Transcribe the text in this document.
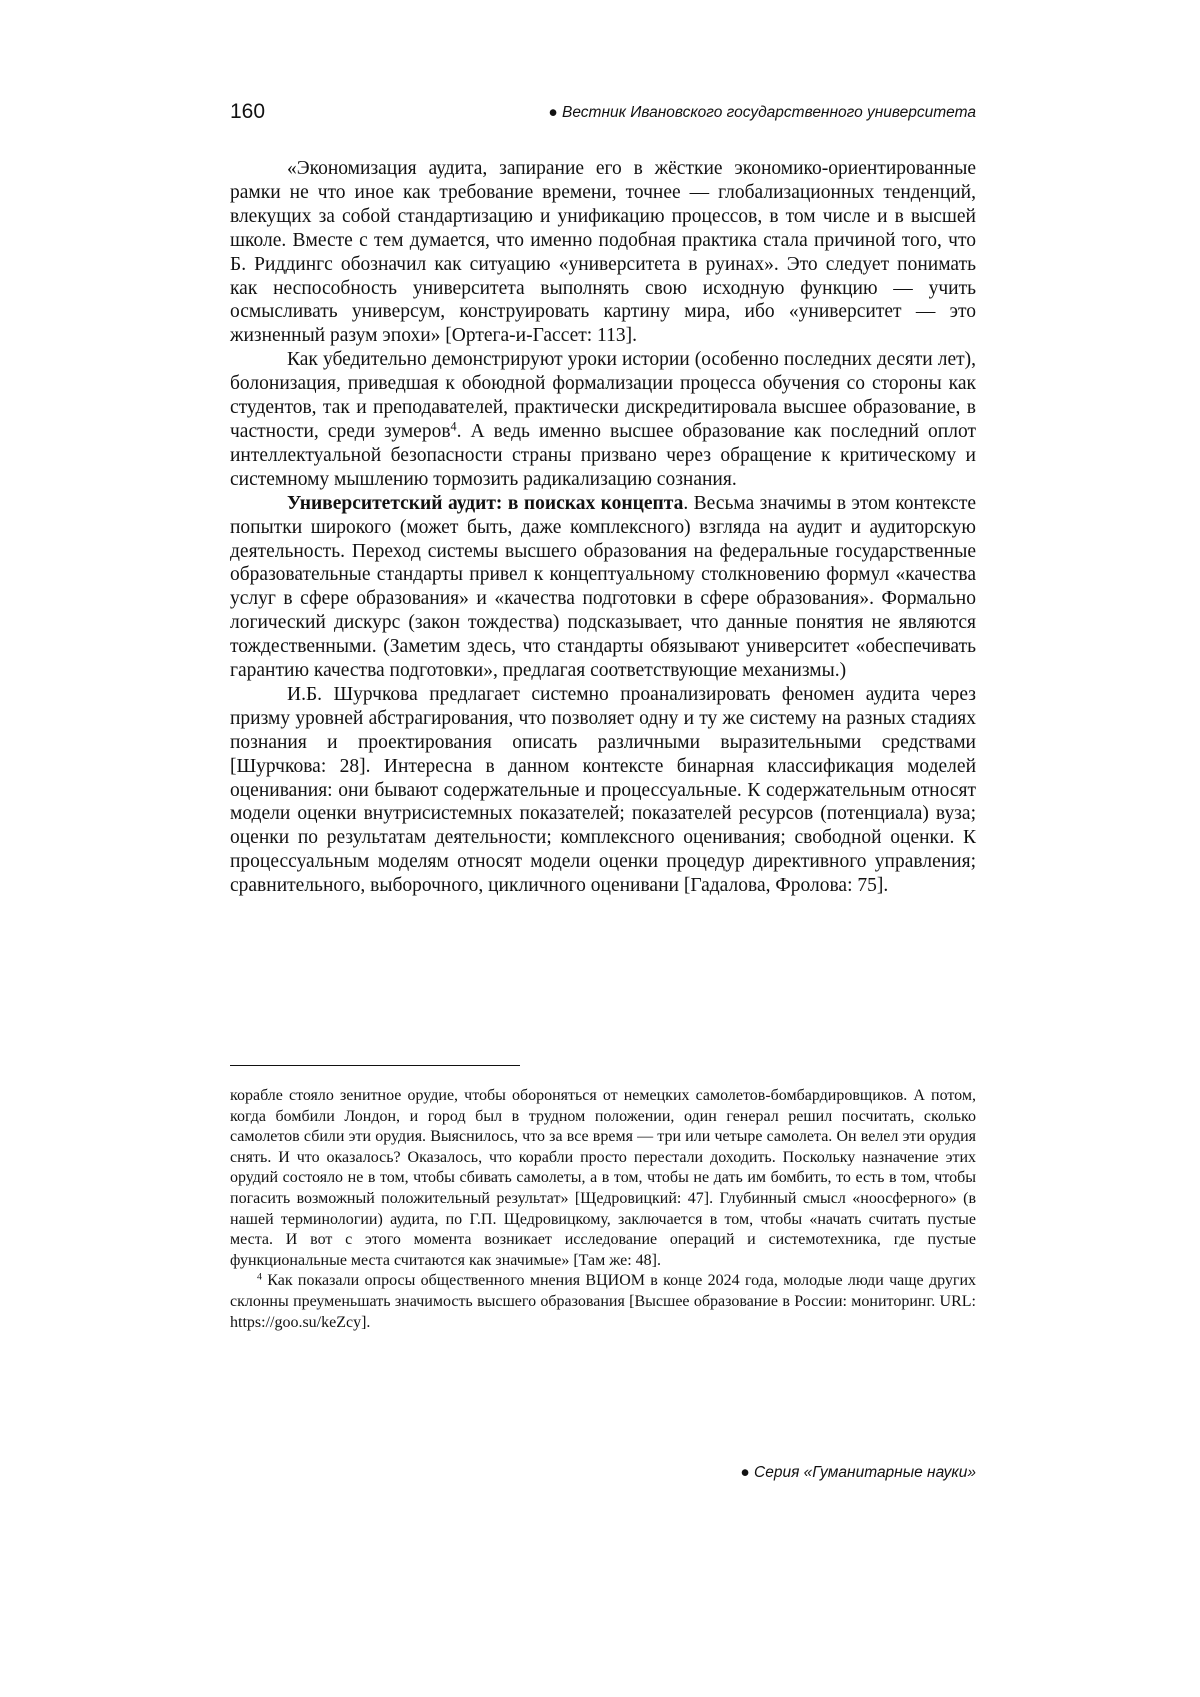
160	● Вестник Ивановского государственного университета

«Экономизация аудита, запирание его в жёсткие экономико-ориентированные рамки не что иное как требование времени, точнее — глобализационных тенденций, влекущих за собой стандартизацию и унификацию процессов, в том числе и в высшей школе. Вместе с тем думается, что именно подобная практика стала причиной того, что Б. Риддингс обозначил как ситуацию «университета в руинах». Это следует понимать как неспособность университета выполнять свою исходную функцию — учить осмысливать универсум, конструировать картину мира, ибо «университет — это жизненный разум эпохи» [Ортега-и-Гассет: 113].

Как убедительно демонстрируют уроки истории (особенно последних десяти лет), болонизация, приведшая к обоюдной формализации процесса обучения со стороны как студентов, так и преподавателей, практически дискредитировала высшее образование, в частности, среди зумеров$^4$. А ведь именно высшее образование как последний оплот интеллектуальной безопасности страны призвано через обращение к критическому и системному мышлению тормозить радикализацию сознания.

Университетский аудит: в поисках концепта. Весьма значимы в этом контексте попытки широкого (может быть, даже комплексного) взгляда на аудит и аудиторскую деятельность. Переход системы высшего образования на федеральные государственные образовательные стандарты привел к концептуальному столкновению формул «качества услуг в сфере образования» и «качества подготовки в сфере образования». Формально логический дискурс (закон тождества) подсказывает, что данные понятия не являются тождественными. (Заметим здесь, что стандарты обязывают университет «обеспечивать гарантию качества подготовки», предлагая соответствующие механизмы.)

И.Б. Шурчкова предлагает системно проанализировать феномен аудита через призму уровней абстрагирования, что позволяет одну и ту же систему на разных стадиях познания и проектирования описать различными выразительными средствами [Шурчкова: 28]. Интересна в данном контексте бинарная классификация моделей оценивания: они бывают содержательные и процессуальные. К содержательным относят модели оценки внутрисистемных показателей; показателей ресурсов (потенциала) вуза; оценки по результатам деятельности; комплексного оценивания; свободной оценки. К процессуальным моделям относят модели оценки процедур директивного управления; сравнительного, выборочного, цикличного оценивани [Гадалова, Фролова: 75].

корабле стояло зенитное орудие, чтобы обороняться от немецких самолетов-бомбардировщиков. А потом, когда бомбили Лондон, и город был в трудном положении, один генерал решил посчитать, сколько самолетов сбили эти орудия. Выяснилось, что за все время — три или четыре самолета. Он велел эти орудия снять. И что оказалось? Оказалось, что корабли просто перестали доходить. Поскольку назначение этих орудий состояло не в том, чтобы сбивать самолеты, а в том, чтобы не дать им бомбить, то есть в том, чтобы погасить возможный положительный результат» [Щедровицкий: 47]. Глубинный смысл «ноосферного» (в нашей терминологии) аудита, по Г.П. Щедровицкому, заключается в том, чтобы «начать считать пустые места. И вот с этого момента возникает исследование операций и системотехника, где пустые функциональные места считаются как значимые» [Там же: 48].

$^4$ Как показали опросы общественного мнения ВЦИОМ в конце 2024 года, молодые люди чаще других склонны преуменьшать значимость высшего образования [Высшее образование в России: мониторинг. URL: https://goo.su/keZcy].

● Серия «Гуманитарные науки»
